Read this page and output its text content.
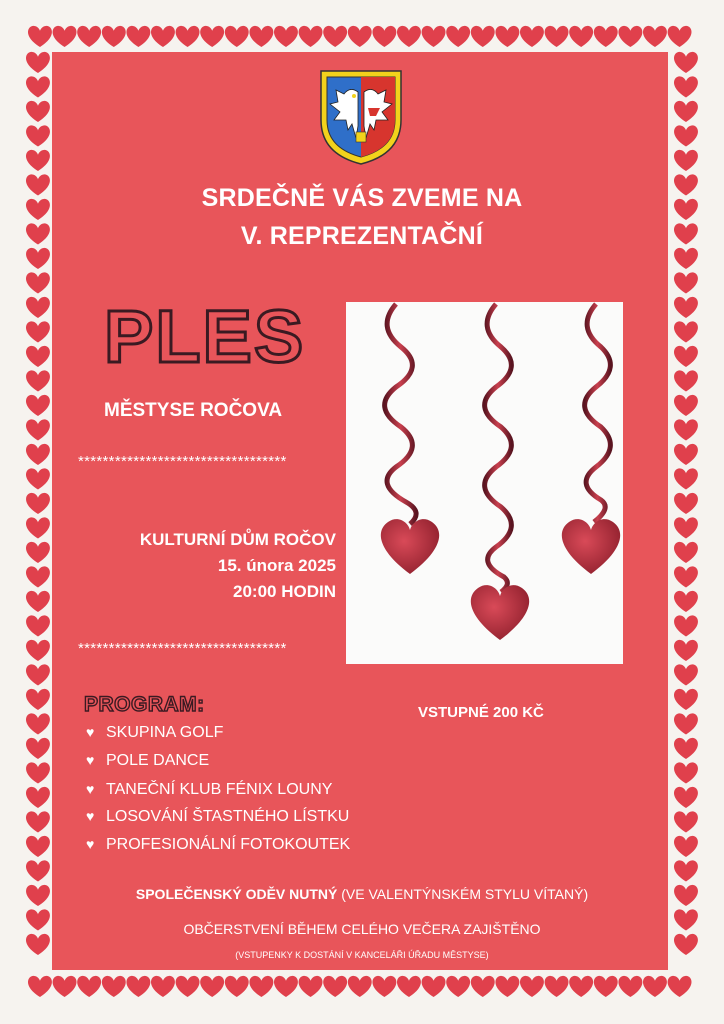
SRDEČNĚ VÁS ZVEME NA
V. REPREZENTAČNÍ
PLES
MĚSTYSE ROČOVA
**********************************
KULTURNÍ DŮM ROČOV
15. února 2025
20:00 HODIN
**********************************
PROGRAM:	VSTUPNÉ 200 KČ
♥ SKUPINA GOLF
♥ POLE DANCE
♥ TANEČNÍ KLUB FÉNIX LOUNY
♥ LOSOVÁNÍ ŠTASTNÉHO LÍSTKU
♥ PROFESIONÁLNÍ FOTOKOUTEK
SPOLEČENSKÝ ODĚV NUTNÝ (VE VALENTÝNSKÉM STYLU VÍTANÝ)
OBČERSTVENÍ BĚHEM CELÉHO VEČERA ZAJIŠTĚNO
(VSTUPENKY K DOSTÁNÍ V KANCELÁŘI ÚŘADU MĚSTYSE)
